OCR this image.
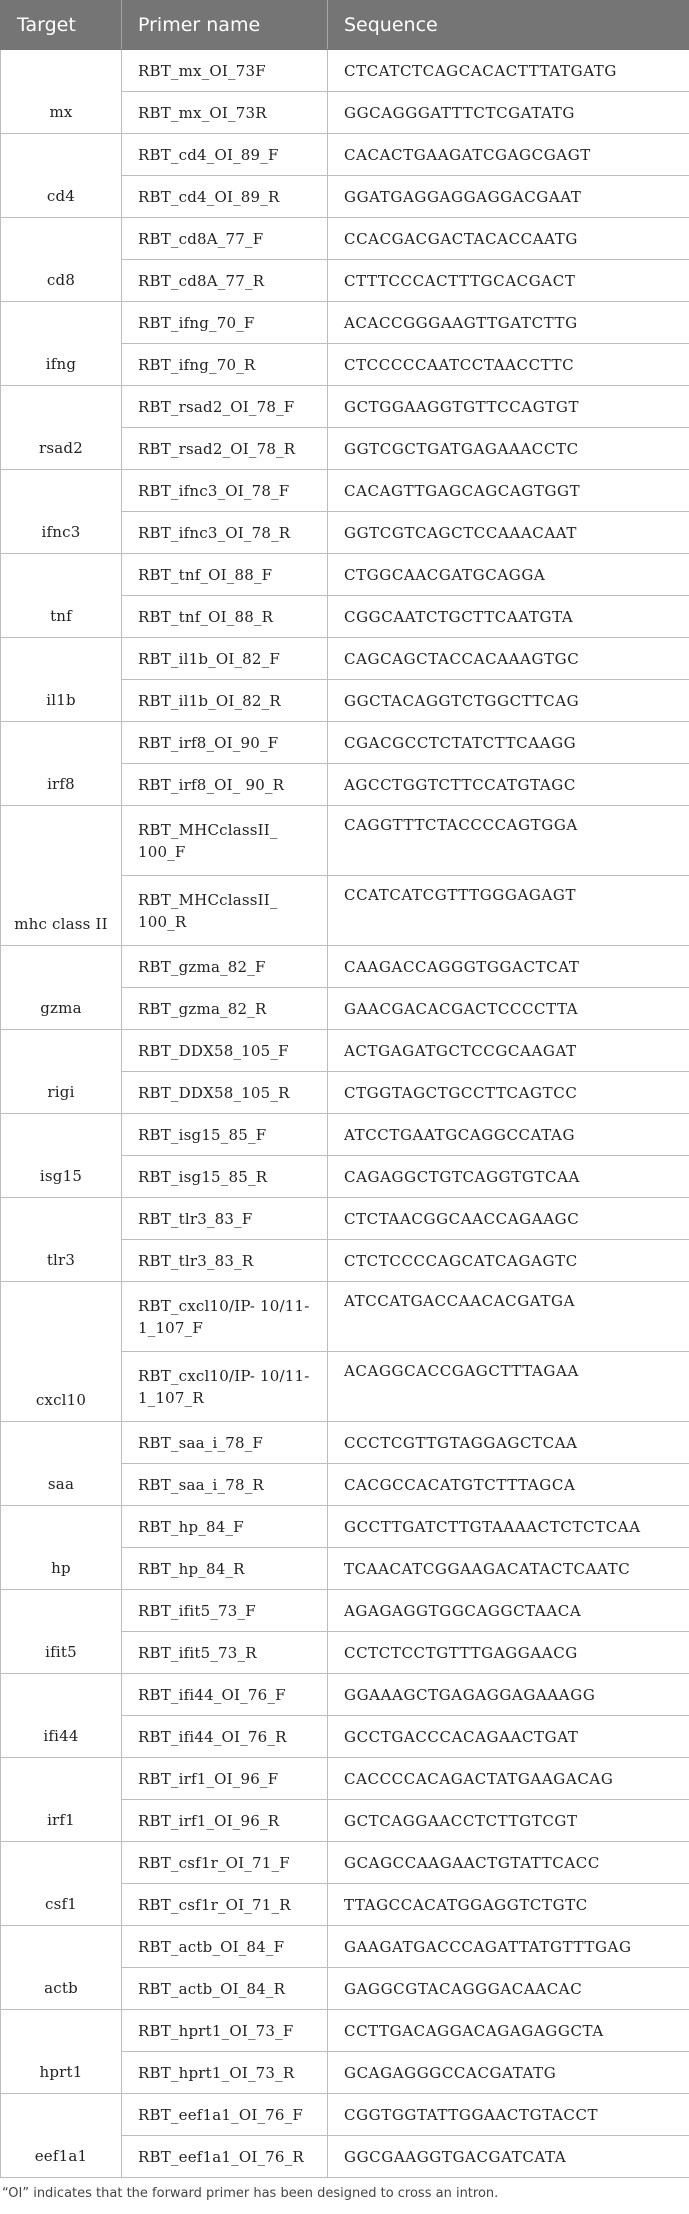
Target	Primer name	Sequence
mx	RBT_mx_OI_73F	CTCATCTCAGCACACTTTATGATG
	RBT_mx_OI_73R	GGCAGGGATTTCTCGATATG
cd4	RBT_cd4_OI_89_F	CACACTGAAGATCGAGCGAGT
	RBT_cd4_OI_89_R	GGATGAGGAGGAGGACGAAT
cd8	RBT_cd8A_77_F	CCACGACGACTACACCAATG
	RBT_cd8A_77_R	CTTTCCCACTTTGCACGACT
ifng	RBT_ifng_70_F	ACACCGGGAAGTTGATCTTG
	RBT_ifng_70_R	CTCCCCCAATCCTAACCTTC
rsad2	RBT_rsad2_OI_78_F	GCTGGAAGGTGTTCCAGTGT
	RBT_rsad2_OI_78_R	GGTCGCTGATGAGAAACCTC
ifnc3	RBT_ifnc3_OI_78_F	CACAGTTGAGCAGCAGTGGT
	RBT_ifnc3_OI_78_R	GGTCGTCAGCTCCAAACAAT
tnf	RBT_tnf_OI_88_F	CTGGCAACGATGCAGGA
	RBT_tnf_OI_88_R	CGGCAATCTGCTTCAATGTA
il1b	RBT_il1b_OI_82_F	CAGCAGCTACCACAAAGTGC
	RBT_il1b_OI_82_R	GGCTACAGGTCTGGCTTCAG
irf8	RBT_irf8_OI_90_F	CGACGCCTCTATCTTCAAGG
	RBT_irf8_OI_ 90_R	AGCCTGGTCTTCCATGTAGC
mhc class II	RBT_MHCclassII_ 100_F	CAGGTTTCTACCCCAGTGGA
	RBT_MHCclassII_ 100_R	CCATCATCGTTTGGGAGAGT
gzma	RBT_gzma_82_F	CAAGACCAGGGTGGACTCAT
	RBT_gzma_82_R	GAACGACACGACTCCCCTTA
rigi	RBT_DDX58_105_F	ACTGAGATGCTCCGCAAGAT
	RBT_DDX58_105_R	CTGGTAGCTGCCTTCAGTCC
isg15	RBT_isg15_85_F	ATCCTGAATGCAGGCCATAG
	RBT_isg15_85_R	CAGAGGCTGTCAGGTGTCAA
tlr3	RBT_tlr3_83_F	CTCTAACGGCAACCAGAAGC
	RBT_tlr3_83_R	CTCTCCCCAGCATCAGAGTC
cxcl10	RBT_cxcl10/IP- 10/11-1_107_F	ATCCATGACCAACACGATGA
	RBT_cxcl10/IP- 10/11-1_107_R	ACAGGCACCGAGCTTTAGAA
saa	RBT_saa_i_78_F	CCCTCGTTGTAGGAGCTCAA
	RBT_saa_i_78_R	CACGCCACATGTCTTTAGCA
hp	RBT_hp_84_F	GCCTTGATCTTGTAAAACTCTCTCAA
	RBT_hp_84_R	TCAACATCGGAAGACATACTCAATC
ifit5	RBT_ifit5_73_F	AGAGAGGTGGCAGGCTAACA
	RBT_ifit5_73_R	CCTCTCCTGTTTGAGGAACG
ifi44	RBT_ifi44_OI_76_F	GGAAAGCTGAGAGGAGAAAGG
	RBT_ifi44_OI_76_R	GCCTGACCCACAGAACTGAT
irf1	RBT_irf1_OI_96_F	CACCCCACAGACTATGAAGACAG
	RBT_irf1_OI_96_R	GCTCAGGAACCTCTTGTCGT
csf1	RBT_csf1r_OI_71_F	GCAGCCAAGAACTGTATTCACC
	RBT_csf1r_OI_71_R	TTAGCCACATGGAGGTCTGTC
actb	RBT_actb_OI_84_F	GAAGATGACCCAGATTATGTTTGAG
	RBT_actb_OI_84_R	GAGGCGTACAGGGACAACAC
hprt1	RBT_hprt1_OI_73_F	CCTTGACAGGACAGAGAGGCTA
	RBT_hprt1_OI_73_R	GCAGAGGGCCACGATATG
eef1a1	RBT_eef1a1_OI_76_F	CGGTGGTATTGGAACTGTACCT
	RBT_eef1a1_OI_76_R	GGCGAAGGTGACGATCATA
“OI” indicates that the forward primer has been designed to cross an intron.
